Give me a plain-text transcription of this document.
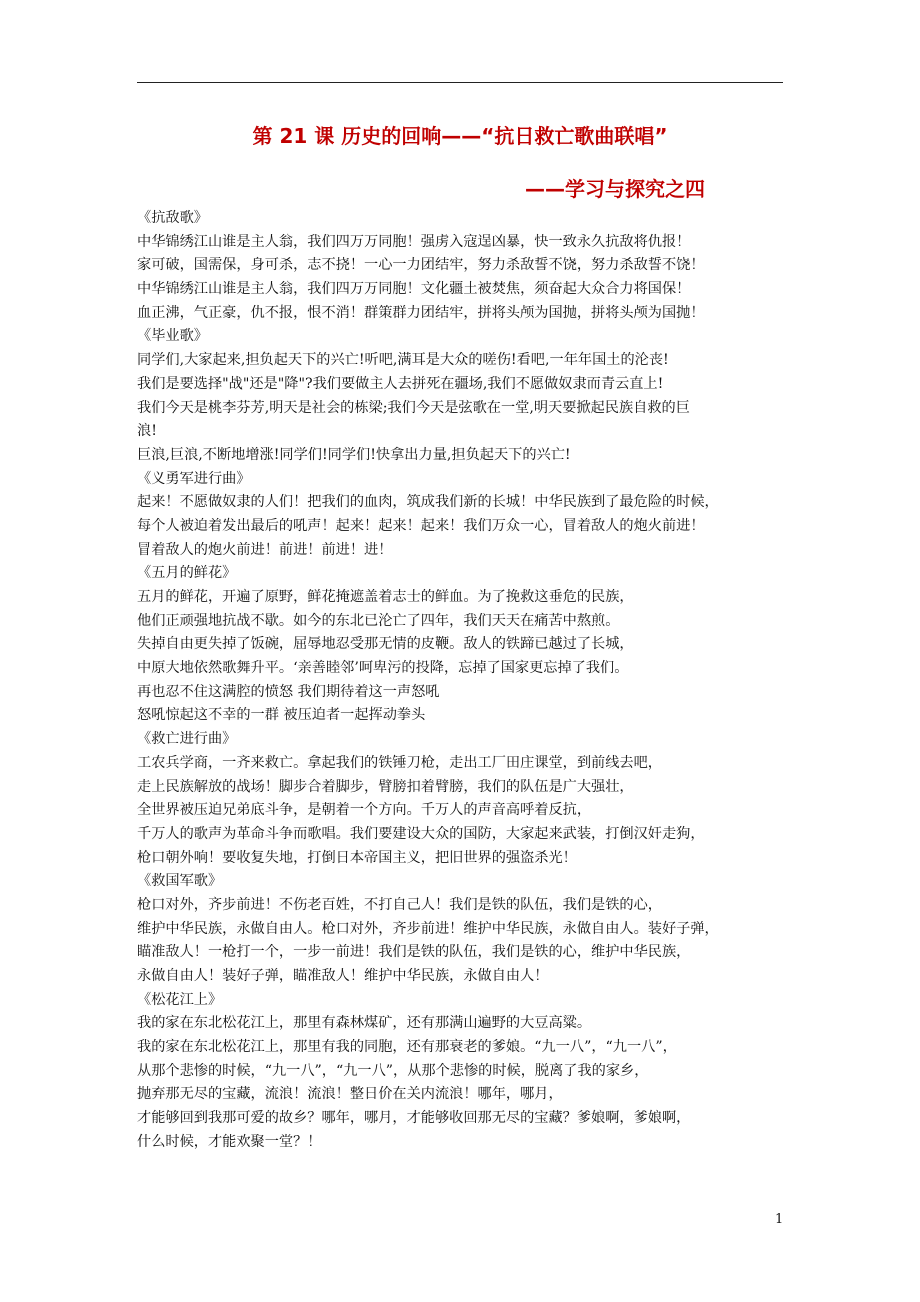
第 21 课 历史的回响——“抗日救亡歌曲联唱”
——学习与探究之四
《抗敌歌》
中华锦绣江山谁是主人翁，我们四万万同胞！强虏入寇逞凶暴，快一致永久抗敌将仇报！
家可破，国需保，身可杀，志不挠！一心一力团结牢，努力杀敌誓不饶，努力杀敌誓不饶！
中华锦绣江山谁是主人翁，我们四万万同胞！文化疆土被焚焦，须奋起大众合力将国保！
血正沸，气正豪，仇不报，恨不消！群策群力团结牢，拼将头颅为国抛，拼将头颅为国抛！
《毕业歌》
同学们,大家起来,担负起天下的兴亡!听吧,满耳是大众的嗟伤!看吧,一年年国土的沦丧!
我们是要选择"战"还是"降"?我们要做主人去拼死在疆场,我们不愿做奴隶而青云直上!
我们今天是桃李芬芳,明天是社会的栋梁;我们今天是弦歌在一堂,明天要掀起民族自救的巨
浪!
巨浪,巨浪,不断地增涨!同学们!同学们!快拿出力量,担负起天下的兴亡!
《义勇军进行曲》
起来！不愿做奴隶的人们！把我们的血肉，筑成我们新的长城！中华民族到了最危险的时候，
每个人被迫着发出最后的吼声！起来！起来！起来！我们万众一心，冒着敌人的炮火前进！
冒着敌人的炮火前进！前进！前进！进！
《五月的鲜花》
五月的鲜花，开遍了原野，鲜花掩遮盖着志士的鲜血。为了挽救这垂危的民族，
他们正顽强地抗战不歇。如今的东北已沦亡了四年，我们天天在痛苦中熬煎。
失掉自由更失掉了饭碗，屈辱地忍受那无情的皮鞭。敌人的铁蹄已越过了长城，
中原大地依然歌舞升平。‘亲善睦邻’呵卑污的投降，忘掉了国家更忘掉了我们。
再也忍不住这满腔的愤怒 我们期待着这一声怒吼
怒吼惊起这不幸的一群 被压迫者一起挥动拳头
《救亡进行曲》
工农兵学商，一齐来救亡。拿起我们的铁锤刀枪，走出工厂田庄课堂，到前线去吧，
走上民族解放的战场！脚步合着脚步，臂膀扣着臂膀，我们的队伍是广大强壮，
全世界被压迫兄弟底斗争，是朝着一个方向。千万人的声音高呼着反抗，
千万人的歌声为革命斗争而歌唱。我们要建设大众的国防，大家起来武装，打倒汉奸走狗，
枪口朝外响！要收复失地，打倒日本帝国主义，把旧世界的强盗杀光！
《救国军歌》
枪口对外，齐步前进！不伤老百姓，不打自己人！我们是铁的队伍，我们是铁的心，
维护中华民族，永做自由人。枪口对外，齐步前进！维护中华民族，永做自由人。装好子弹，
瞄准敌人！一枪打一个，一步一前进！我们是铁的队伍，我们是铁的心，维护中华民族，
永做自由人！装好子弹，瞄准敌人！维护中华民族，永做自由人！
《松花江上》
我的家在东北松花江上，那里有森林煤矿，还有那满山遍野的大豆高粱。
我的家在东北松花江上，那里有我的同胞，还有那衰老的爹娘。“九一八”，“九一八”，
从那个悲惨的时候，“九一八”，“九一八”，从那个悲惨的时候，脱离了我的家乡，
抛弃那无尽的宝藏，流浪！流浪！整日价在关内流浪！哪年，哪月，
才能够回到我那可爱的故乡？哪年，哪月，才能够收回那无尽的宝藏？爹娘啊，爹娘啊，
什么时候，才能欢聚一堂？！
1
